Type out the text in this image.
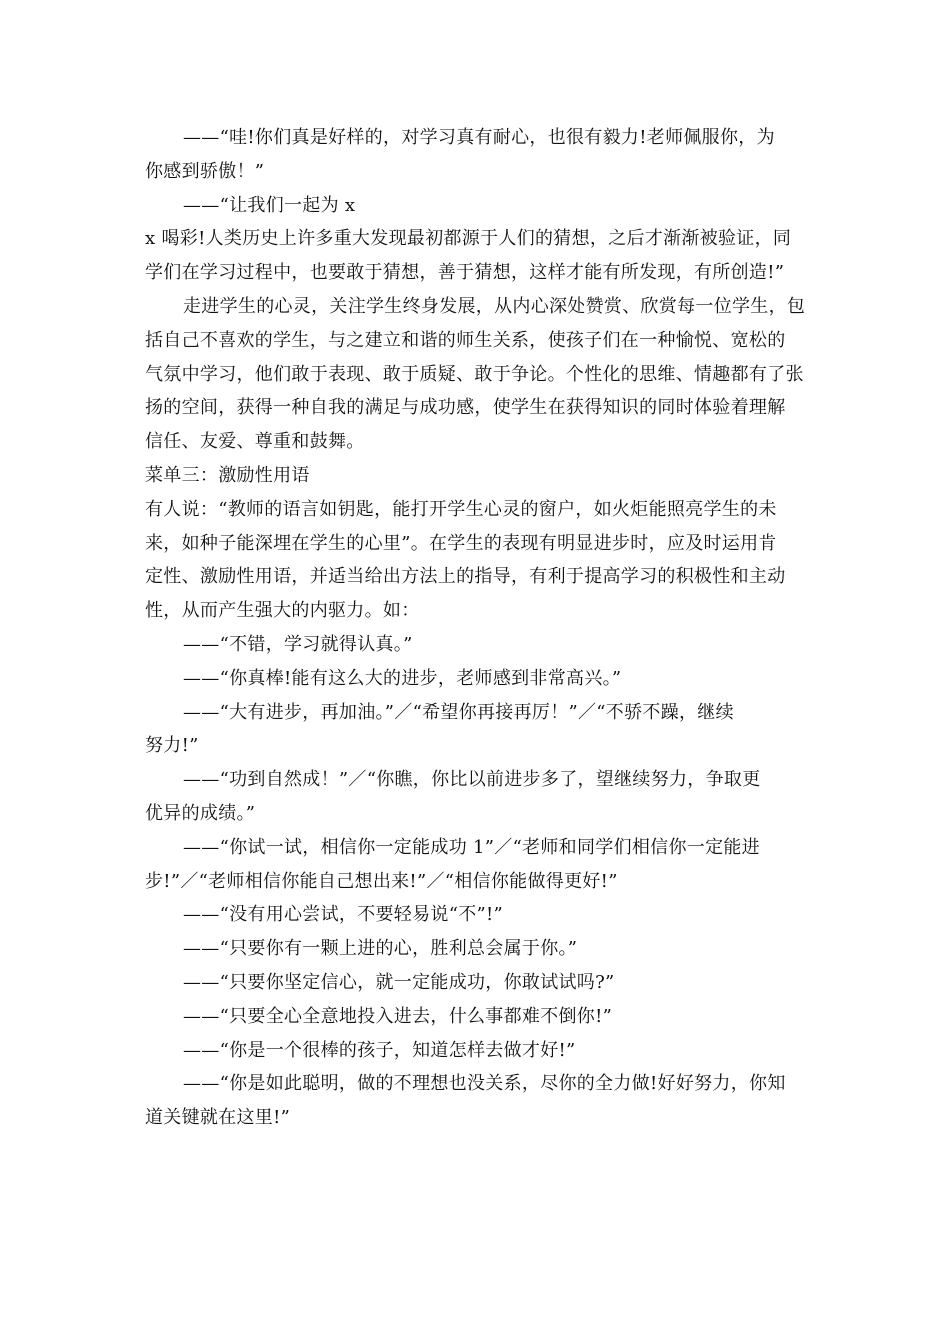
——“哇!你们真是好样的，对学习真有耐心，也很有毅力!老师佩服你，为
你感到骄傲！”
——“让我们一起为 x
x 喝彩!人类历史上许多重大发现最初都源于人们的猜想，之后才渐渐被验证，同
学们在学习过程中，也要敢于猜想，善于猜想，这样才能有所发现，有所创造!”
走进学生的心灵，关注学生终身发展，从内心深处赞赏、欣赏每一位学生，包
括自己不喜欢的学生，与之建立和谐的师生关系，使孩子们在一种愉悦、宽松的
气氛中学习，他们敢于表现、敢于质疑、敢于争论。个性化的思维、情趣都有了张
扬的空间，获得一种自我的满足与成功感，使学生在获得知识的同时体验着理解
信任、友爱、尊重和鼓舞。
菜单三：激励性用语
有人说：“教师的语言如钥匙，能打开学生心灵的窗户，如火炬能照亮学生的未
来，如种子能深埋在学生的心里”。在学生的表现有明显进步时，应及时运用肯
定性、激励性用语，并适当给出方法上的指导，有利于提高学习的积极性和主动
性，从而产生强大的内驱力。如：
——“不错，学习就得认真。”
——“你真棒!能有这么大的进步，老师感到非常高兴。”
——“大有进步，再加油。”／“希望你再接再厉！”／“不骄不躁，继续
努力!”
——“功到自然成！”／“你瞧，你比以前进步多了，望继续努力，争取更
优异的成绩。”
——“你试一试，相信你一定能成功 1”／“老师和同学们相信你一定能进
步!”／“老师相信你能自己想出来!”／“相信你能做得更好!”
——“没有用心尝试，不要轻易说“不”!”
——“只要你有一颗上进的心，胜利总会属于你。”
——“只要你坚定信心，就一定能成功，你敢试试吗?”
——“只要全心全意地投入进去，什么事都难不倒你!”
——“你是一个很棒的孩子，知道怎样去做才好!”
——“你是如此聪明，做的不理想也没关系，尽你的全力做!好好努力，你知
道关键就在这里!”
